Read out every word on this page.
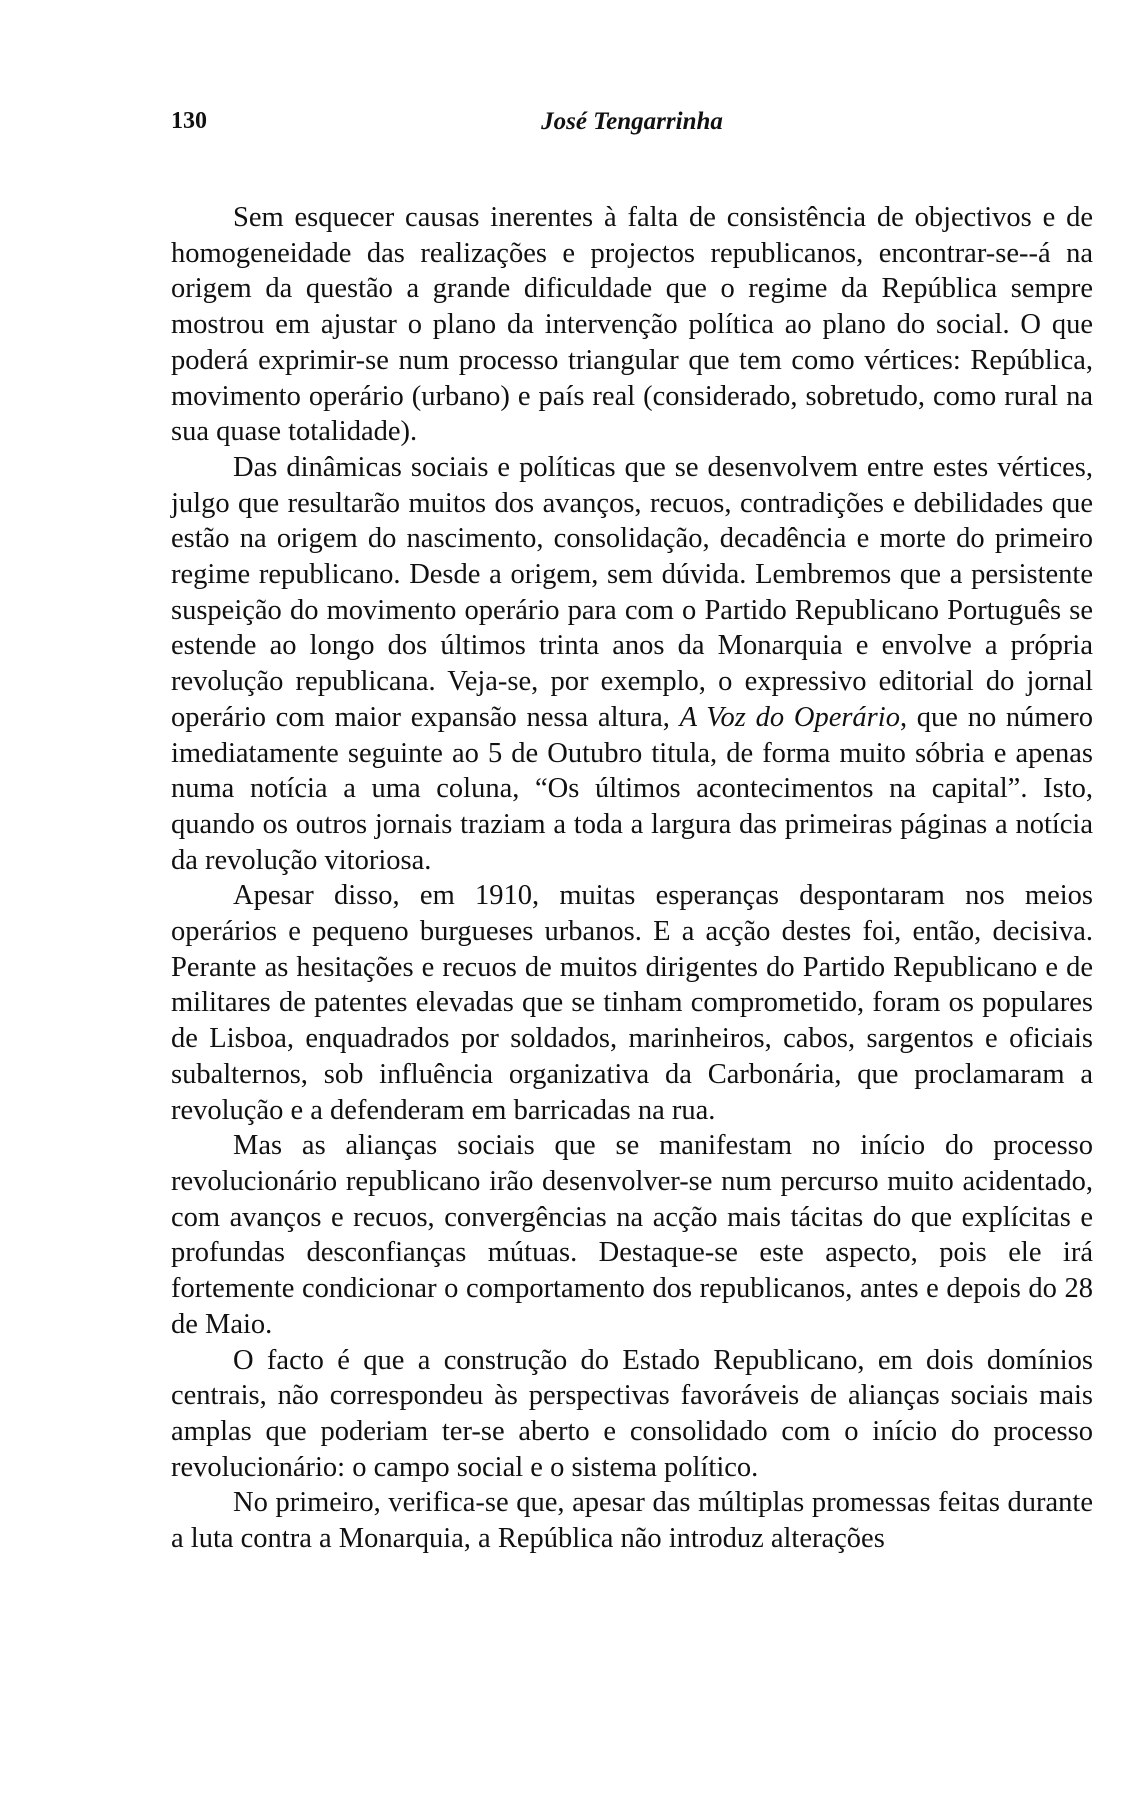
130	José Tengarrinha

Sem esquecer causas inerentes à falta de consistência de objectivos e de homogeneidade das realizações e projectos republicanos, encontrar-se--á na origem da questão a grande dificuldade que o regime da República sempre mostrou em ajustar o plano da intervenção política ao plano do social. O que poderá exprimir-se num processo triangular que tem como vértices: República, movimento operário (urbano) e país real (considerado, sobretudo, como rural na sua quase totalidade).

Das dinâmicas sociais e políticas que se desenvolvem entre estes vértices, julgo que resultarão muitos dos avanços, recuos, contradições e debilidades que estão na origem do nascimento, consolidação, decadência e morte do primeiro regime republicano. Desde a origem, sem dúvida. Lembremos que a persistente suspeição do movimento operário para com o Partido Republicano Português se estende ao longo dos últimos trinta anos da Monarquia e envolve a própria revolução republicana. Veja-se, por exemplo, o expressivo editorial do jornal operário com maior expansão nessa altura, A Voz do Operário, que no número imediatamente seguinte ao 5 de Outubro titula, de forma muito sóbria e apenas numa notícia a uma coluna, “Os últimos acontecimentos na capital”. Isto, quando os outros jornais traziam a toda a largura das primeiras páginas a notícia da revolução vitoriosa.

Apesar disso, em 1910, muitas esperanças despontaram nos meios operários e pequeno burgueses urbanos. E a acção destes foi, então, decisiva. Perante as hesitações e recuos de muitos dirigentes do Partido Republicano e de militares de patentes elevadas que se tinham comprometido, foram os populares de Lisboa, enquadrados por soldados, marinheiros, cabos, sargentos e oficiais subalternos, sob influência organizativa da Carbonária, que proclamaram a revolução e a defenderam em barricadas na rua.

Mas as alianças sociais que se manifestam no início do processo revolucionário republicano irão desenvolver-se num percurso muito acidentado, com avanços e recuos, convergências na acção mais tácitas do que explícitas e profundas desconfianças mútuas. Destaque-se este aspecto, pois ele irá fortemente condicionar o comportamento dos republicanos, antes e depois do 28 de Maio.

O facto é que a construção do Estado Republicano, em dois domínios centrais, não correspondeu às perspectivas favoráveis de alianças sociais mais amplas que poderiam ter-se aberto e consolidado com o início do processo revolucionário: o campo social e o sistema político.

No primeiro, verifica-se que, apesar das múltiplas promessas feitas durante a luta contra a Monarquia, a República não introduz alterações
